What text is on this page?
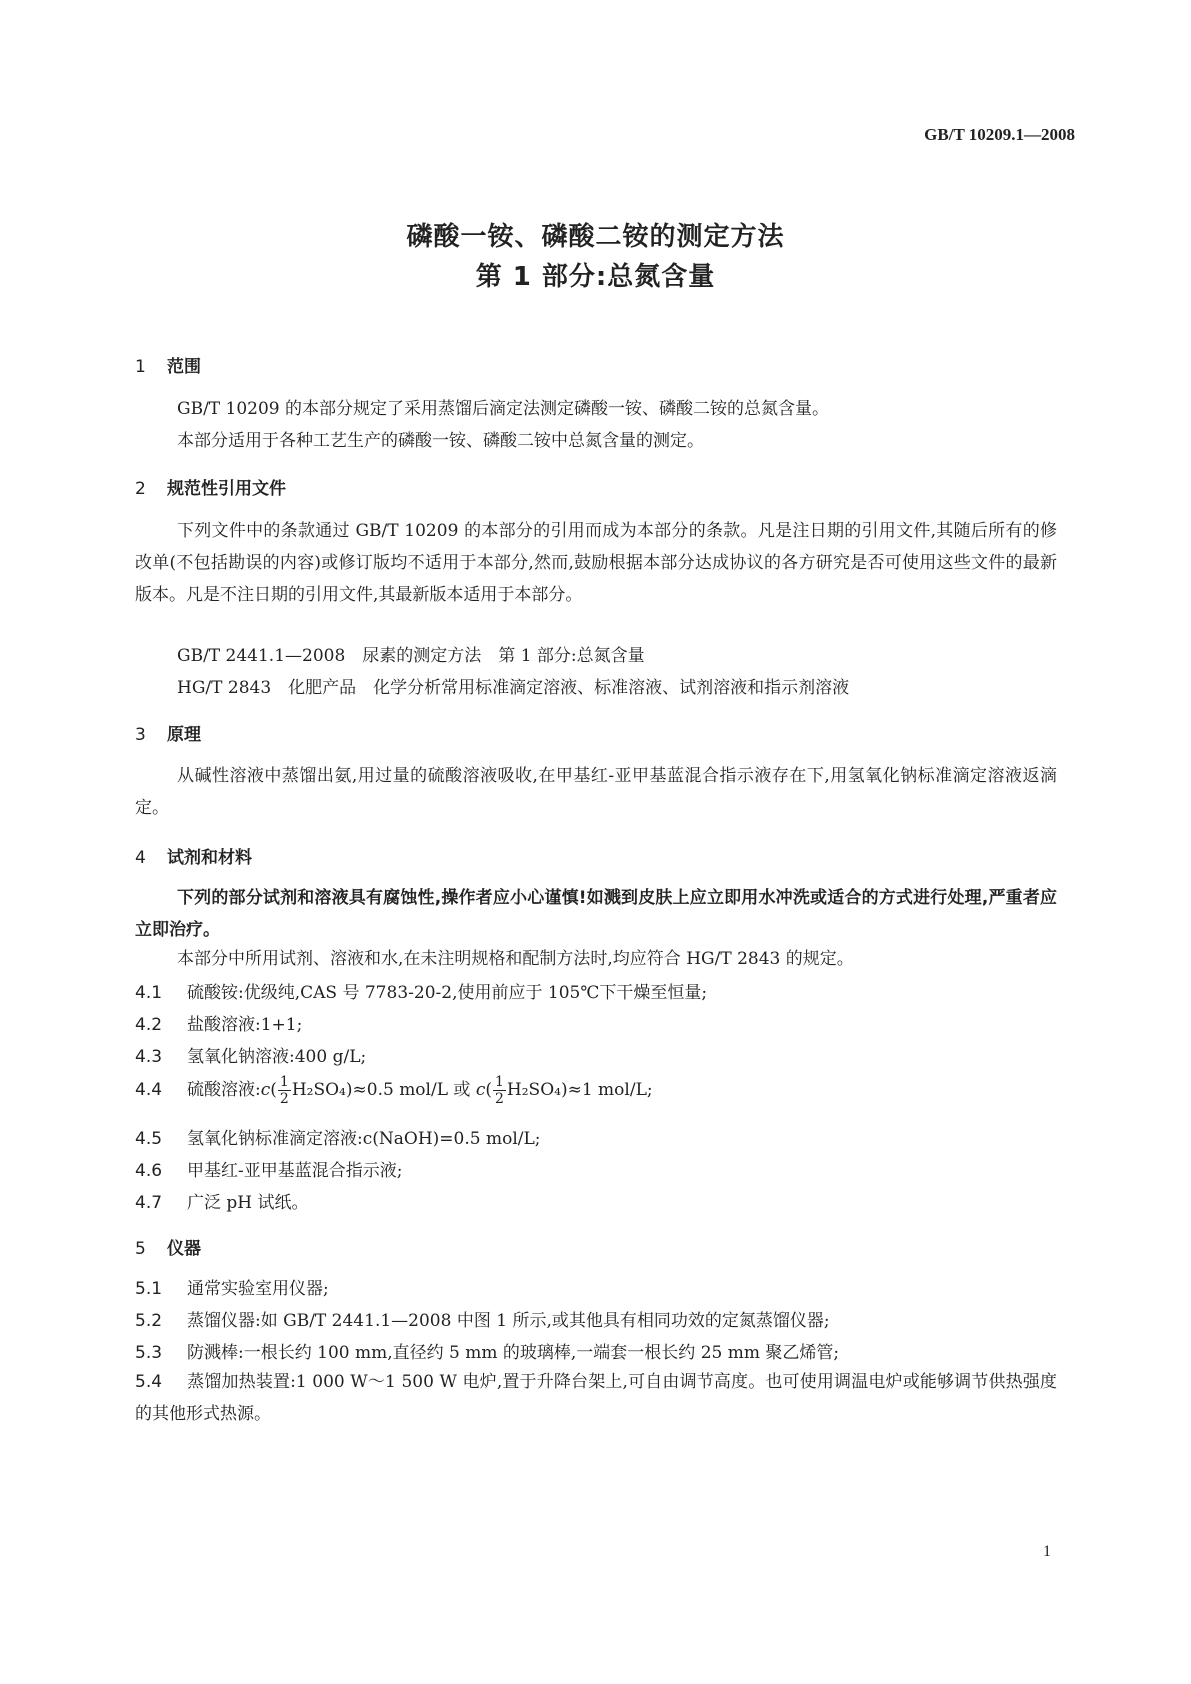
GB/T 10209.1—2008
磷酸一铵、磷酸二铵的测定方法
第 1 部分:总氮含量
1 范围
GB/T 10209 的本部分规定了采用蒸馏后滴定法测定磷酸一铵、磷酸二铵的总氮含量。
本部分适用于各种工艺生产的磷酸一铵、磷酸二铵中总氮含量的测定。
2 规范性引用文件
下列文件中的条款通过 GB/T 10209 的本部分的引用而成为本部分的条款。凡是注日期的引用文件,其随后所有的修改单(不包括勘误的内容)或修订版均不适用于本部分,然而,鼓励根据本部分达成协议的各方研究是否可使用这些文件的最新版本。凡是不注日期的引用文件,其最新版本适用于本部分。
GB/T 2441.1—2008　尿素的测定方法　第 1 部分:总氮含量
HG/T 2843　化肥产品　化学分析常用标准滴定溶液、标准溶液、试剂溶液和指示剂溶液
3 原理
从碱性溶液中蒸馏出氨,用过量的硫酸溶液吸收,在甲基红-亚甲基蓝混合指示液存在下,用氢氧化钠标准滴定溶液返滴定。
4 试剂和材料
下列的部分试剂和溶液具有腐蚀性,操作者应小心谨慎!如溅到皮肤上应立即用水冲洗或适合的方式进行处理,严重者应立即治疗。
本部分中所用试剂、溶液和水,在未注明规格和配制方法时,均应符合 HG/T 2843 的规定。
4.1 硫酸铵:优级纯,CAS 号 7783-20-2,使用前应于 105℃下干燥至恒量;
4.2 盐酸溶液:1+1;
4.3 氢氧化钠溶液:400 g/L;
4.4 硫酸溶液:c( $\frac{1}{2} H_2SO_4)\approx 0.5$ mol/L 或 $c( \frac{1}{2} H_2SO_4)\approx 1$ mol/L;
4.5 氢氧化钠标准滴定溶液:c(NaOH)=0.5 mol/L;
4.6 甲基红-亚甲基蓝混合指示液;
4.7 广泛 pH 试纸。
5 仪器
5.1 通常实验室用仪器;
5.2 蒸馏仪器:如 GB/T 2441.1—2008 中图 1 所示,或其他具有相同功效的定氮蒸馏仪器;
5.3 防溅棒:一根长约 100 mm,直径约 5 mm 的玻璃棒,一端套一根长约 25 mm 聚乙烯管;
5.4 蒸馏加热装置:1 000 W～1 500 W 电炉,置于升降台架上,可自由调节高度。也可使用调温电炉或能够调节供热强度的其他形式热源。
1
